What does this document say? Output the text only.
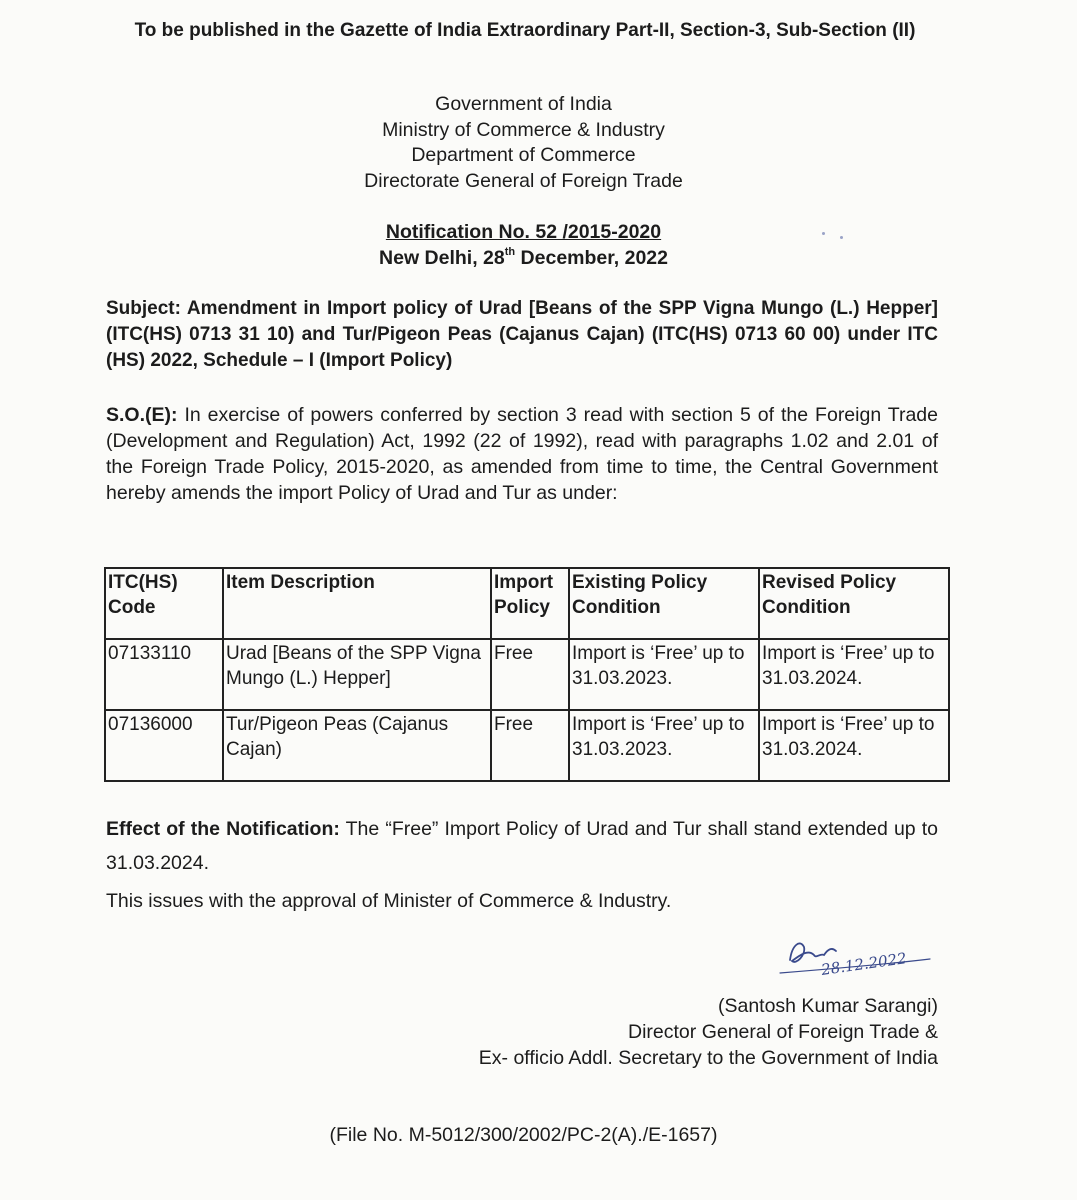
To be published in the Gazette of India Extraordinary Part-II, Section-3, Sub-Section (II)
Government of India
Ministry of Commerce & Industry
Department of Commerce
Directorate General of Foreign Trade
Notification No. 52 /2015-2020
New Delhi, 28th December, 2022
Subject: Amendment in Import policy of Urad [Beans of the SPP Vigna Mungo (L.) Hepper] (ITC(HS) 0713 31 10) and Tur/Pigeon Peas (Cajanus Cajan) (ITC(HS) 0713 60 00) under ITC (HS) 2022, Schedule – I (Import Policy)
S.O.(E): In exercise of powers conferred by section 3 read with section 5 of the Foreign Trade (Development and Regulation) Act, 1992 (22 of 1992), read with paragraphs 1.02 and 2.01 of the Foreign Trade Policy, 2015-2020, as amended from time to time, the Central Government hereby amends the import Policy of Urad and Tur as under:
ITC(HS) Code	Item Description	Import Policy	Existing Policy Condition	Revised Policy Condition
07133110	Urad [Beans of the SPP Vigna Mungo (L.) Hepper]	Free	Import is ‘Free’ up to 31.03.2023.	Import is ‘Free’ up to 31.03.2024.
07136000	Tur/Pigeon Peas (Cajanus Cajan)	Free	Import is ‘Free’ up to 31.03.2023.	Import is ‘Free’ up to 31.03.2024.
Effect of the Notification: The “Free” Import Policy of Urad and Tur shall stand extended up to 31.03.2024.
This issues with the approval of Minister of Commerce & Industry.
28.12.2022
(Santosh Kumar Sarangi)
Director General of Foreign Trade &
Ex- officio Addl. Secretary to the Government of India
(File No. M-5012/300/2002/PC-2(A)./E-1657)
